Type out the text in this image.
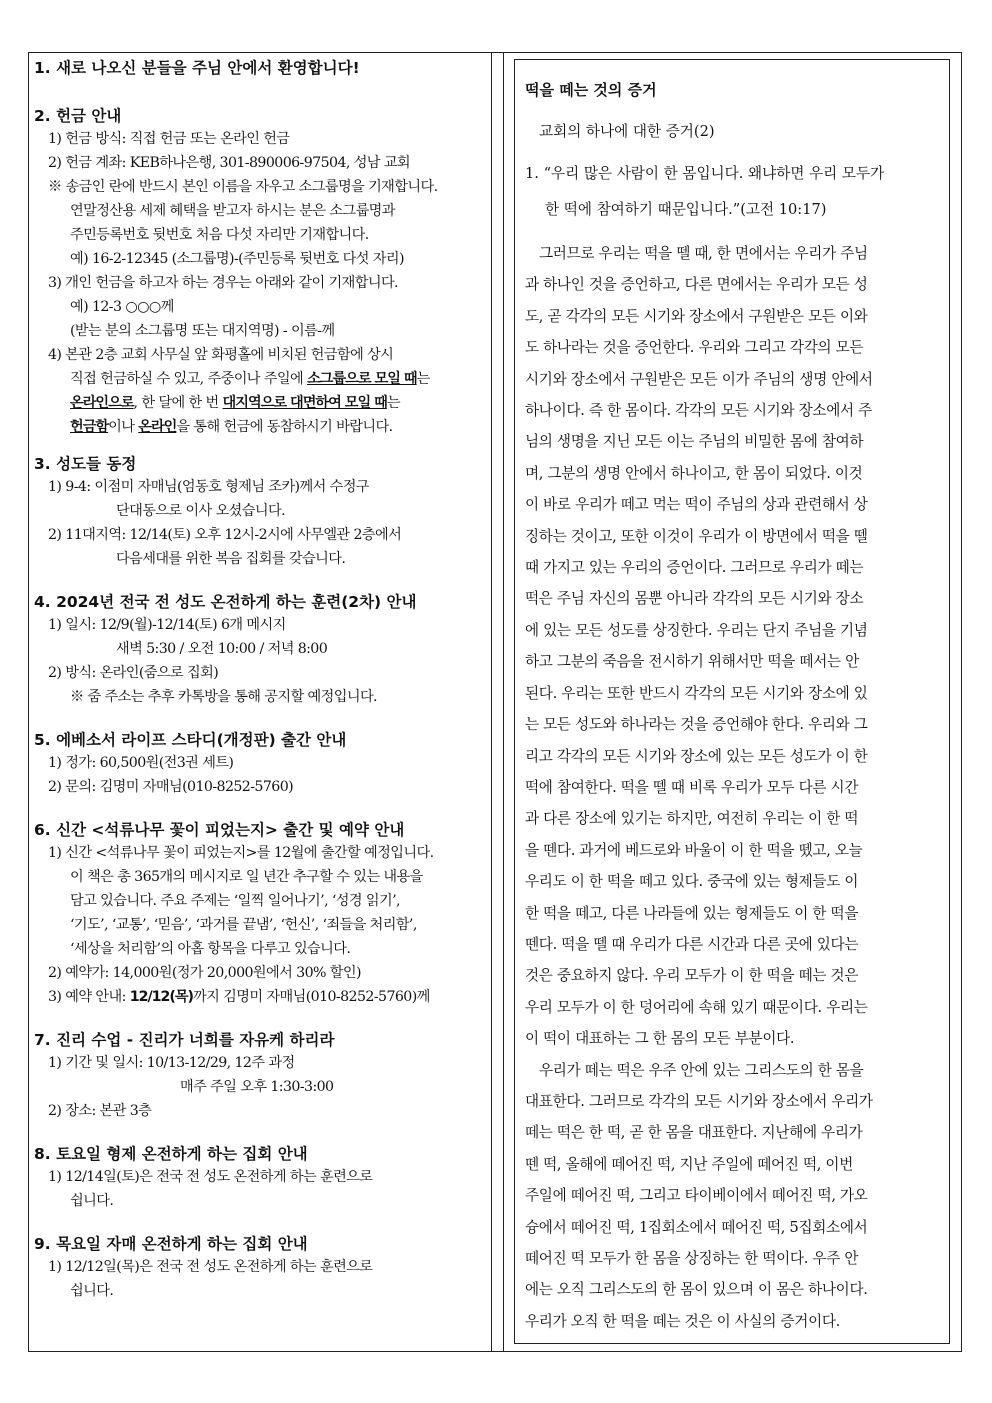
1. 새로 나오신 분들을 주님 안에서 환영합니다!
2. 헌금 안내
1) 헌금 방식: 직접 헌금 또는 온라인 헌금
2) 헌금 계좌: KEB하나은행, 301-890006-97504, 성남 교회
※ 송금인 란에 반드시 본인 이름을 자우고 소그룹명을 기재합니다.
연말정산용 세제 혜택을 받고자 하시는 분은 소그룹명과
주민등록번호 뒷번호 처음 다섯 자리만 기재합니다.
예) 16-2-12345 (소그룹명)-(주민등록 뒷번호 다섯 자리)
3) 개인 헌금을 하고자 하는 경우는 아래와 같이 기재합니다.
예) 12-3 ○○○께
(받는 분의 소그룹명 또는 대지역명) - 이름-께
4) 본관 2층 교회 사무실 앞 화평홀에 비치된 헌금함에 상시
직접 헌금하실 수 있고, 주중이나 주일에 소그룹으로 모일 때는
온라인으로, 한 달에 한 번 대지역으로 대면하여 모일 때는
헌금함이나 온라인을 통해 헌금에 동참하시기 바랍니다.
3. 성도들 동정
1) 9-4: 이점미 자매님(엄동호 형제님 조카)께서 수정구
단대동으로 이사 오셨습니다.
2) 11대지역: 12/14(토) 오후 12시-2시에 사무엘관 2층에서
다음세대를 위한 복음 집회를 갖습니다.
4. 2024년 전국 전 성도 온전하게 하는 훈련(2차) 안내
1) 일시: 12/9(월)-12/14(토) 6개 메시지
새벽 5:30 / 오전 10:00 / 저녁 8:00
2) 방식: 온라인(줌으로 집회)
※ 줌 주소는 추후 카톡방을 통해 공지할 예정입니다.
5. 에베소서 라이프 스타디(개정판) 출간 안내
1) 정가: 60,500원(전3권 세트)
2) 문의: 김명미 자매님(010-8252-5760)
6. 신간 <석류나무 꽃이 피었는지> 출간 및 예약 안내
1) 신간 <석류나무 꽃이 피었는지>를 12월에 출간할 예정입니다.
이 책은 총 365개의 메시지로 일 년간 추구할 수 있는 내용을
담고 있습니다. 주요 주제는 ‘일찍 일어나기’, ‘성경 읽기’,
‘기도’, ‘교통’, ‘믿음’, ‘과거를 끝냄’, ‘헌신’, ‘죄들을 처리함’,
‘세상을 처리함’의 아홉 항목을 다루고 있습니다.
2) 예약가: 14,000원(정가 20,000원에서 30% 할인)
3) 예약 안내: 12/12(목)까지 김명미 자매님(010-8252-5760)께
7. 진리 수업 - 진리가 너희를 자유케 하리라
1) 기간 및 일시: 10/13-12/29, 12주 과정
매주 주일 오후 1:30-3:00
2) 장소: 본관 3층
8. 토요일 형제 온전하게 하는 집회 안내
1) 12/14일(토)은 전국 전 성도 온전하게 하는 훈련으로
쉽니다.
9. 목요일 자매 온전하게 하는 집회 안내
1) 12/12일(목)은 전국 전 성도 온전하게 하는 훈련으로
쉽니다.
떡을 떼는 것의 증거
교회의 하나에 대한 증거(2)
1. “우리 많은 사람이 한 몸입니다. 왜냐하면 우리 모두가
한 떡에 참여하기 때문입니다.”(고전 10:17)
그러므로 우리는 떡을 뗄 때, 한 면에서는 우리가 주님
과 하나인 것을 증언하고, 다른 면에서는 우리가 모든 성
도, 곧 각각의 모든 시기와 장소에서 구원받은 모든 이와
도 하나라는 것을 증언한다. 우리와 그리고 각각의 모든
시기와 장소에서 구원받은 모든 이가 주님의 생명 안에서
하나이다. 즉 한 몸이다. 각각의 모든 시기와 장소에서 주
님의 생명을 지닌 모든 이는 주님의 비밀한 몸에 참여하
며, 그분의 생명 안에서 하나이고, 한 몸이 되었다. 이것
이 바로 우리가 떼고 먹는 떡이 주님의 상과 관련해서 상
징하는 것이고, 또한 이것이 우리가 이 방면에서 떡을 뗄
때 가지고 있는 우리의 증언이다. 그러므로 우리가 떼는
떡은 주님 자신의 몸뿐 아니라 각각의 모든 시기와 장소
에 있는 모든 성도를 상징한다. 우리는 단지 주님을 기념
하고 그분의 죽음을 전시하기 위해서만 떡을 떼서는 안
된다. 우리는 또한 반드시 각각의 모든 시기와 장소에 있
는 모든 성도와 하나라는 것을 증언해야 한다. 우리와 그
리고 각각의 모든 시기와 장소에 있는 모든 성도가 이 한
떡에 참여한다. 떡을 뗄 때 비록 우리가 모두 다른 시간
과 다른 장소에 있기는 하지만, 여전히 우리는 이 한 떡
을 뗀다. 과거에 베드로와 바울이 이 한 떡을 뗐고, 오늘
우리도 이 한 떡을 떼고 있다. 중국에 있는 형제들도 이
한 떡을 떼고, 다른 나라들에 있는 형제들도 이 한 떡을
뗀다. 떡을 뗄 때 우리가 다른 시간과 다른 곳에 있다는
것은 중요하지 않다. 우리 모두가 이 한 떡을 떼는 것은
우리 모두가 이 한 덩어리에 속해 있기 때문이다. 우리는
이 떡이 대표하는 그 한 몸의 모든 부분이다.
우리가 떼는 떡은 우주 안에 있는 그리스도의 한 몸을
대표한다. 그러므로 각각의 모든 시기와 장소에서 우리가
떼는 떡은 한 떡, 곧 한 몸을 대표한다. 지난해에 우리가
뗀 떡, 올해에 떼어진 떡, 지난 주일에 떼어진 떡, 이번
주일에 떼어진 떡, 그리고 타이베이에서 떼어진 떡, 가오
슝에서 떼어진 떡, 1집회소에서 떼어진 떡, 5집회소에서
떼어진 떡 모두가 한 몸을 상징하는 한 떡이다. 우주 안
에는 오직 그리스도의 한 몸이 있으며 이 몸은 하나이다.
우리가 오직 한 떡을 떼는 것은 이 사실의 증거이다.
